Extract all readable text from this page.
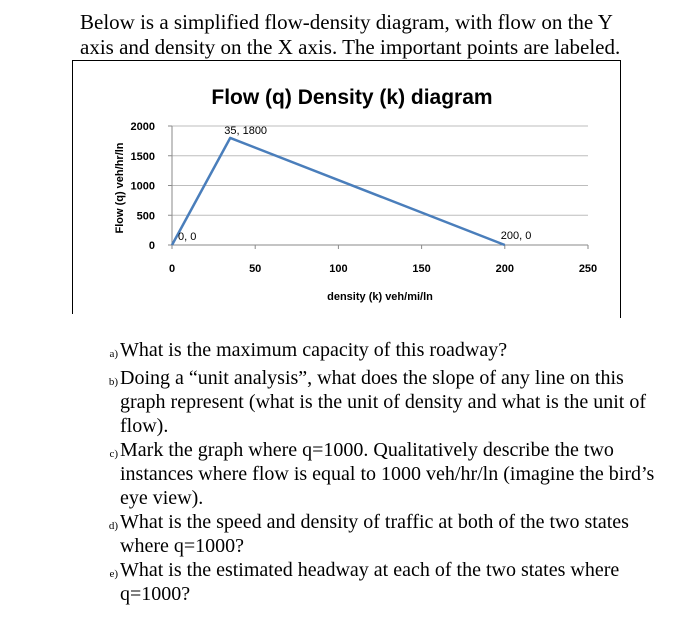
Below is a simplified flow-density diagram, with flow on the Y axis and density on the X axis. The important points are labeled.
Flow (q) Density (k) diagram
0
500
1000
1500
2000
0	50	100	150	200	250
0, 0
35, 1800
200, 0
density (k) veh/mi/ln
Flow (q) veh/hr/ln
a) What is the maximum capacity of this roadway?
b) Doing a “unit analysis”, what does the slope of any line on this graph represent (what is the unit of density and what is the unit of flow).
c) Mark the graph where q=1000. Qualitatively describe the two instances where flow is equal to 1000 veh/hr/ln (imagine the bird’s eye view).
d) What is the speed and density of traffic at both of the two states where q=1000?
e) What is the estimated headway at each of the two states where q=1000?
